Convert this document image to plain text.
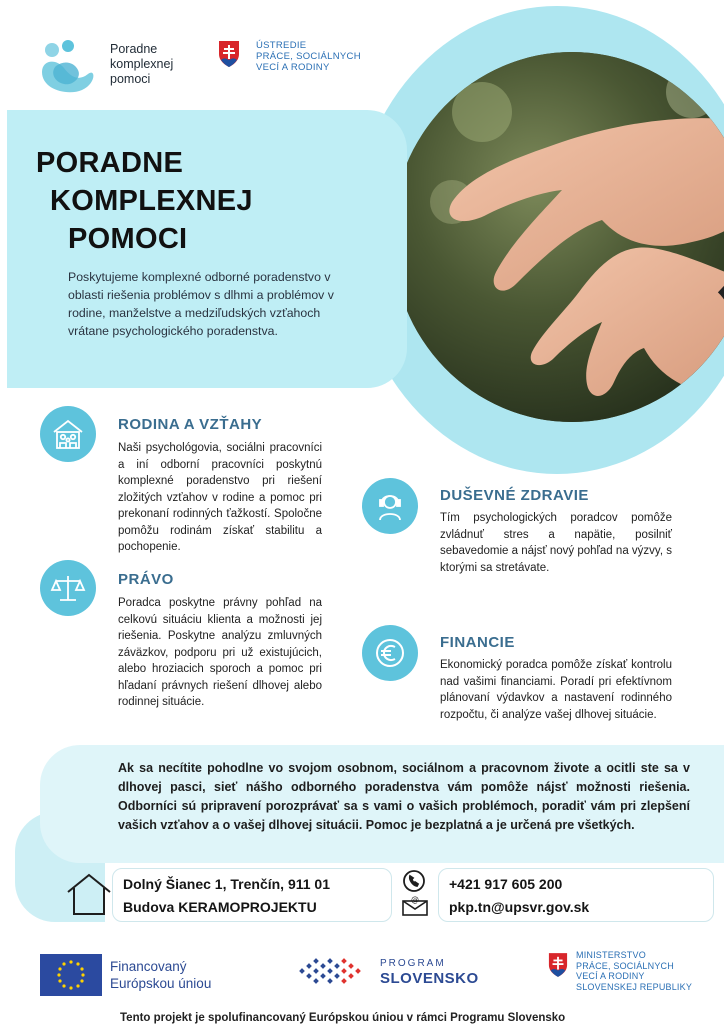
Poradne
komplexnej
pomoci
ÚSTREDIE
PRÁCE, SOCIÁLNYCH
VECÍ A RODINY
PORADNE
KOMPLEXNEJ
POMOCI
Poskytujeme komplexné odborné poradenstvo v oblasti riešenia problémov s dlhmi a problémov v rodine, manželstve a medziľudských vzťahoch vrátane psychologického poradenstva.
RODINA A VZŤAHY
Naši psychológovia, sociálni pracovníci a iní odborní pracovníci poskytnú komplexné poradenstvo pri riešení zložitých vzťahov v rodine a pomoc pri prekonaní rodinných ťažkostí. Spoločne pomôžu rodinám získať stabilitu a pochopenie.
DUŠEVNÉ ZDRAVIE
Tím psychologických poradcov pomôže zvládnuť stres a napätie, posilniť sebavedomie a nájsť nový pohľad na výzvy, s ktorými sa stretávate.
PRÁVO
Poradca poskytne právny pohľad na celkovú situáciu klienta a možnosti jej riešenia. Poskytne analýzu zmluvných záväzkov, podporu pri už existujúcich, alebo hroziacich sporoch a pomoc pri hľadaní právnych riešení dlhovej alebo rodinnej situácie.
FINANCIE
Ekonomický poradca pomôže získať kontrolu nad vašimi financiami. Poradí pri efektívnom plánovaní výdavkov a nastavení rodinného rozpočtu, či analýze vašej dlhovej situácie.
Ak sa necítite pohodlne vo svojom osobnom, sociálnom a pracovnom živote a ocitli ste sa v dlhovej pasci, sieť nášho odborného poradenstva vám pomôže nájsť možnosti riešenia. Odborníci sú pripravení porozprávať sa s vami o vašich problémoch, poradiť vám pri zlepšení vašich vzťahov a o vašej dlhovej situácii. Pomoc je bezplatná a je určená pre všetkých.
Dolný Šianec 1, Trenčín, 911 01
Budova KERAMOPROJEKTU	@
+421 917 605 200
pkp.tn@upsvr.gov.sk
Financovaný
Európskou úniou
PROGRAM
SLOVENSKO
MINISTERSTVO
PRÁCE, SOCIÁLNYCH
VECÍ A RODINY
SLOVENSKEJ REPUBLIKY
Tento projekt je spolufinancovaný Európskou úniou v rámci Programu Slovensko
